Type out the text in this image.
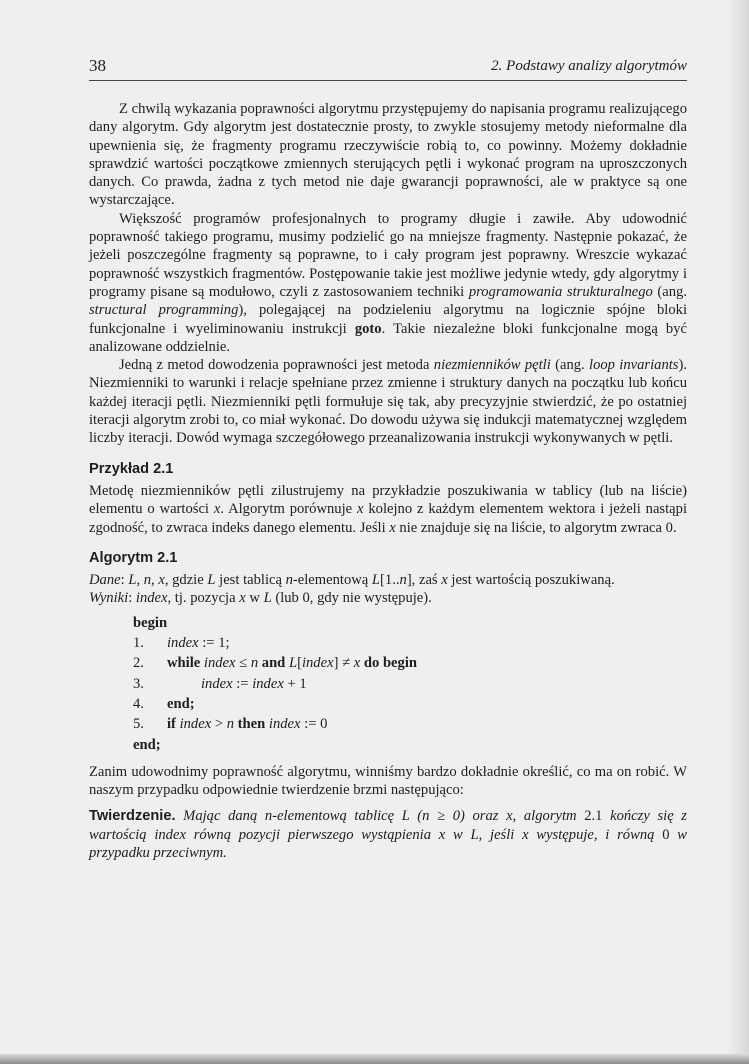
38	2. Podstawy analizy algorytmów

Z chwilą wykazania poprawności algorytmu przystępujemy do napisania programu realizującego dany algorytm. Gdy algorytm jest dostatecznie prosty, to zwykle stosujemy metody nieformalne dla upewnienia się, że fragmenty programu rzeczywiście robią to, co powinny. Możemy dokładnie sprawdzić wartości początkowe zmiennych sterujących pętli i wykonać program na uproszczonych danych. Co prawda, żadna z tych metod nie daje gwarancji poprawności, ale w praktyce są one wystarczające.

Większość programów profesjonalnych to programy długie i zawiłe. Aby udowodnić poprawność takiego programu, musimy podzielić go na mniejsze fragmenty. Następnie pokazać, że jeżeli poszczególne fragmenty są poprawne, to i cały program jest poprawny. Wreszcie wykazać poprawność wszystkich fragmentów. Postępowanie takie jest możliwe jedynie wtedy, gdy algorytmy i programy pisane są modułowo, czyli z zastosowaniem techniki programowania strukturalnego (ang. structural programming), polegającej na podzieleniu algorytmu na logicznie spójne bloki funkcjonalne i wyeliminowaniu instrukcji goto. Takie niezależne bloki funkcjonalne mogą być analizowane oddzielnie.

Jedną z metod dowodzenia poprawności jest metoda niezmienników pętli (ang. loop invariants). Niezmienniki to warunki i relacje spełniane przez zmienne i struktury danych na początku lub końcu każdej iteracji pętli. Niezmienniki pętli formułuje się tak, aby precyzyjnie stwierdzić, że po ostatniej iteracji algorytm zrobi to, co miał wykonać. Do dowodu używa się indukcji matematycznej względem liczby iteracji. Dowód wymaga szczegółowego przeanalizowania instrukcji wykonywanych w pętli.

Przykład 2.1

Metodę niezmienników pętli zilustrujemy na przykładzie poszukiwania w tablicy (lub na liście) elementu o wartości x. Algorytm porównuje x kolejno z każdym elementem wektora i jeżeli nastąpi zgodność, to zwraca indeks danego elementu. Jeśli x nie znajduje się na liście, to algorytm zwraca 0.

Algorytm 2.1

Dane: L, n, x, gdzie L jest tablicą n-elementową L[1..n], zaś x jest wartością poszukiwaną.

Wyniki: index, tj. pozycja x w L (lub 0, gdy nie występuje).

begin
1.	index := 1;
2.	while index ≤ n and L[index] ≠ x do begin
3.	index := index + 1
4.	end;
5.	if index > n then index := 0
end;

Zanim udowodnimy poprawność algorytmu, winniśmy bardzo dokładnie określić, co ma on robić. W naszym przypadku odpowiednie twierdzenie brzmi następująco:

Twierdzenie. Mając daną n-elementową tablicę L (n ≥ 0) oraz x, algorytm 2.1 kończy się z wartością index równą pozycji pierwszego wystąpienia x w L, jeśli x występuje, i równą 0 w przypadku przeciwnym.
